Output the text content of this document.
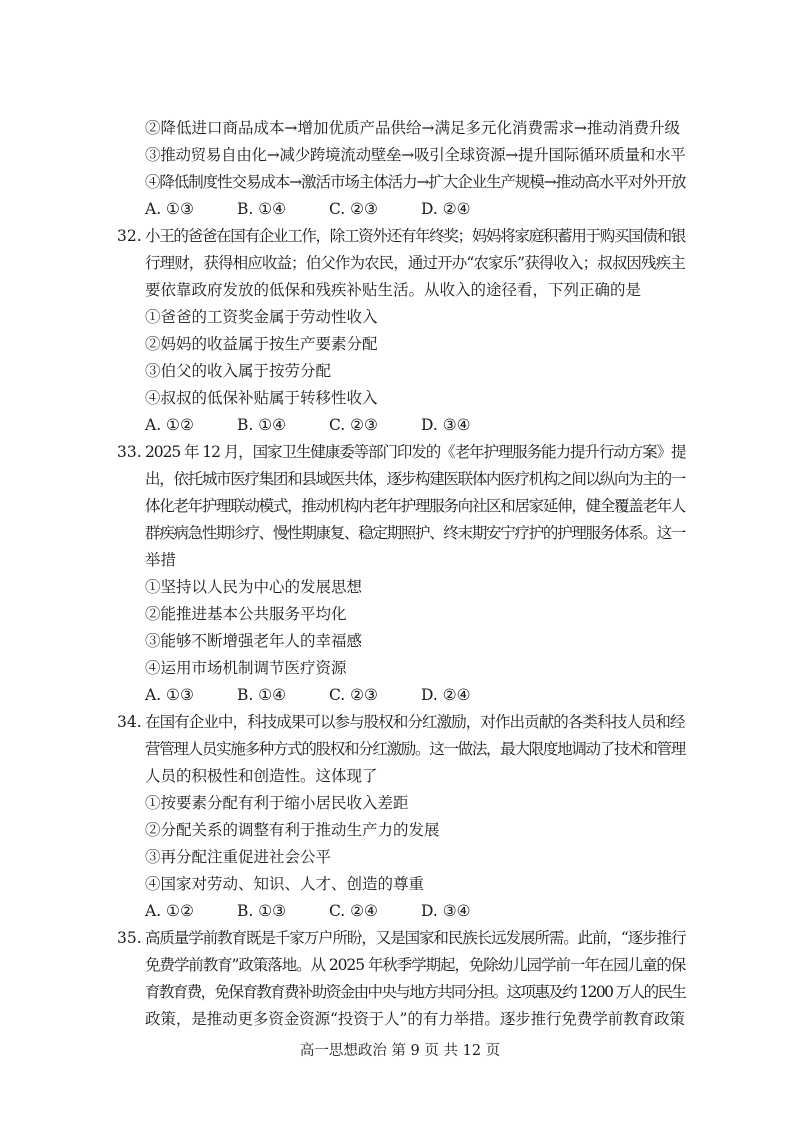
②降低进口商品成本→增加优质产品供给→满足多元化消费需求→推动消费升级
③推动贸易自由化→减少跨境流动壁垒→吸引全球资源→提升国际循环质量和水平
④降低制度性交易成本→激活市场主体活力→扩大企业生产规模→推动高水平对外开放
A. ①③	B. ①④	C. ②③	D. ②④
32. 小王的爸爸在国有企业工作，除工资外还有年终奖；妈妈将家庭积蓄用于购买国债和银
行理财，获得相应收益；伯父作为农民，通过开办“农家乐”获得收入；叔叔因残疾主
要依靠政府发放的低保和残疾补贴生活。从收入的途径看，下列正确的是
①爸爸的工资奖金属于劳动性收入
②妈妈的收益属于按生产要素分配
③伯父的收入属于按劳分配
④叔叔的低保补贴属于转移性收入
A. ①②	B. ①④	C. ②③	D. ③④
33. 2025 年 12 月，国家卫生健康委等部门印发的《老年护理服务能力提升行动方案》提
出，依托城市医疗集团和县域医共体，逐步构建医联体内医疗机构之间以纵向为主的一
体化老年护理联动模式，推动机构内老年护理服务向社区和居家延伸，健全覆盖老年人
群疾病急性期诊疗、慢性期康复、稳定期照护、终末期安宁疗护的护理服务体系。这一
举措
①坚持以人民为中心的发展思想
②能推进基本公共服务平均化
③能够不断增强老年人的幸福感
④运用市场机制调节医疗资源
A. ①③	B. ①④	C. ②③	D. ②④
34. 在国有企业中，科技成果可以参与股权和分红激励，对作出贡献的各类科技人员和经
营管理人员实施多种方式的股权和分红激励。这一做法，最大限度地调动了技术和管理
人员的积极性和创造性。这体现了
①按要素分配有利于缩小居民收入差距
②分配关系的调整有利于推动生产力的发展
③再分配注重促进社会公平
④国家对劳动、知识、人才、创造的尊重
A. ①②	B. ①③	C. ②④	D. ③④
35. 高质量学前教育既是千家万户所盼，又是国家和民族长远发展所需。此前，“逐步推行
免费学前教育”政策落地。从 2025 年秋季学期起，免除幼儿园学前一年在园儿童的保
育教育费，免保育教育费补助资金由中央与地方共同分担。这项惠及约 1200 万人的民生
政策，是推动更多资金资源“投资于人”的有力举措。逐步推行免费学前教育政策
高一思想政治 第 9 页 共 12 页
